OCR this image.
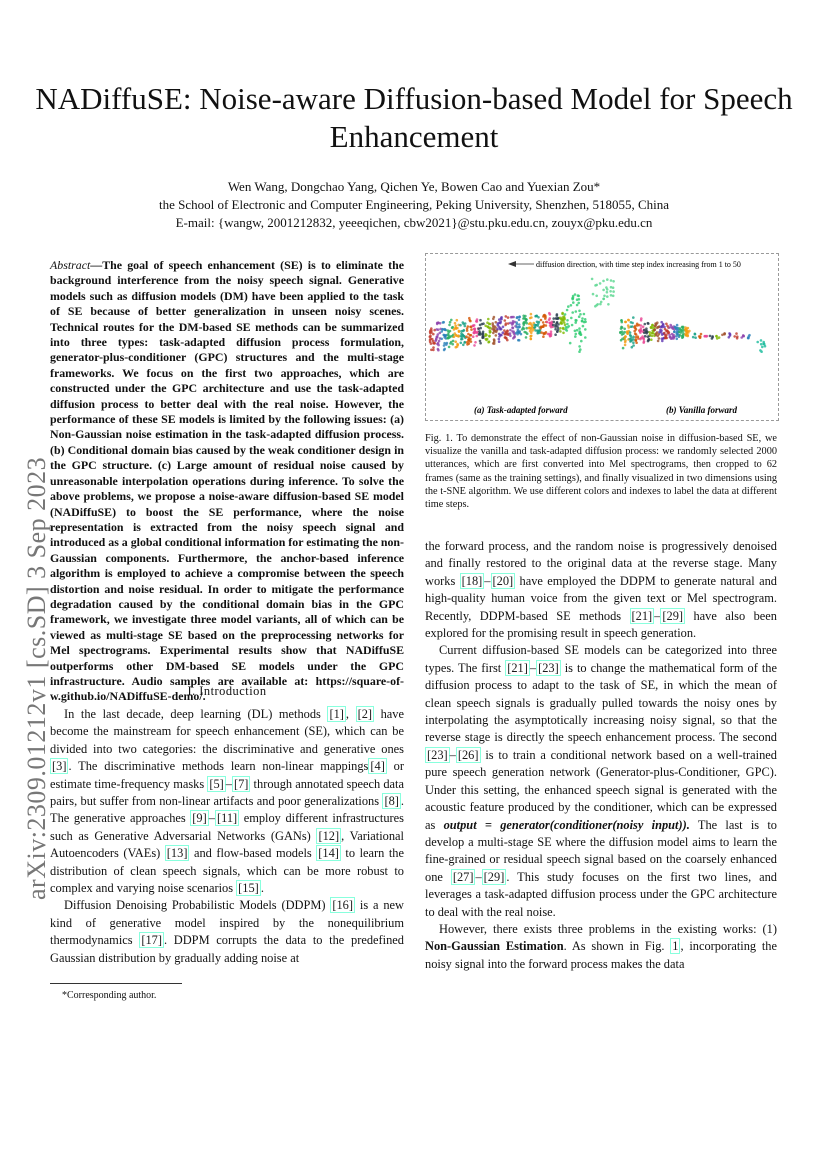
NADiffuSE: Noise-aware Diffusion-based Model for Speech Enhancement
Wen Wang, Dongchao Yang, Qichen Ye, Bowen Cao and Yuexian Zou*
the School of Electronic and Computer Engineering, Peking University, Shenzhen, 518055, China
E-mail: {wangw, 2001212832, yeeeqichen, cbw2021}@stu.pku.edu.cn, zouyx@pku.edu.cn
arXiv:2309.01212v1 [cs.SD] 3 Sep 2023
Abstract—The goal of speech enhancement (SE) is to eliminate the background interference from the noisy speech signal. Generative models such as diffusion models (DM) have been applied to the task of SE because of better generalization in unseen noisy scenes. Technical routes for the DM-based SE methods can be summarized into three types: task-adapted diffusion process formulation, generator-plus-conditioner (GPC) structures and the multi-stage frameworks. We focus on the first two approaches, which are constructed under the GPC architecture and use the task-adapted diffusion process to better deal with the real noise. However, the performance of these SE models is limited by the following issues: (a) Non-Gaussian noise estimation in the task-adapted diffusion process. (b) Conditional domain bias caused by the weak conditioner design in the GPC structure. (c) Large amount of residual noise caused by unreasonable interpolation operations during inference. To solve the above problems, we propose a noise-aware diffusion-based SE model (NADiffuSE) to boost the SE performance, where the noise representation is extracted from the noisy speech signal and introduced as a global conditional information for estimating the non-Gaussian components. Furthermore, the anchor-based inference algorithm is employed to achieve a compromise between the speech distortion and noise residual. In order to mitigate the performance degradation caused by the conditional domain bias in the GPC framework, we investigate three model variants, all of which can be viewed as multi-stage SE based on the preprocessing networks for Mel spectrograms. Experimental results show that NADiffuSE outperforms other DM-based SE models under the GPC infrastructure. Audio samples are available at: https://square-of-w.github.io/NADiffuSE-demo/.
I. Introduction

In the last decade, deep learning (DL) methods [1] , [2] have become the mainstream for speech enhancement (SE), which can be divided into two categories: the discriminative and generative ones [3] . The discriminative methods learn non-linear mappings [4] or estimate time-frequency masks [5] – [7] through annotated speech data pairs, but suffer from non-linear artifacts and poor generalizations [8] . The generative approaches [9] – [11] employ different infrastructures such as Generative Adversarial Networks (GANs) [12] , Variational Autoencoders (VAEs) [13] and flow-based models [14] to learn the distribution of clean speech signals, which can be more robust to complex and varying noise scenarios [15] .

Diffusion Denoising Probabilistic Models (DDPM) [16] is a new kind of generative model inspired by the nonequilibrium thermodynamics [17] . DDPM corrupts the data to the predefined Gaussian distribution by gradually adding noise at

*Corresponding author.
diffusion direction, with time step index increasing from 1 to 50
(a) Task-adapted forward	(b) Vanilla forward
Fig. 1. To demonstrate the effect of non-Gaussian noise in diffusion-based SE, we visualize the vanilla and task-adapted diffusion process: we randomly selected 2000 utterances, which are first converted into Mel spectrograms, then cropped to 62 frames (same as the training settings), and finally visualized in two dimensions using the t-SNE algorithm. We use different colors and indexes to label the data at different time steps.

the forward process, and the random noise is progressively denoised and finally restored to the original data at the reverse stage. Many works [18] – [20] have employed the DDPM to generate natural and high-quality human voice from the given text or Mel spectrogram. Recently, DDPM-based SE methods [21] – [29] have also been explored for the promising result in speech generation.

Current diffusion-based SE models can be categorized into three types. The first [21] – [23] is to change the mathematical form of the diffusion process to adapt to the task of SE, in which the mean of clean speech signals is gradually pulled towards the noisy ones by interpolating the asymptotically increasing noisy signal, so that the reverse stage is directly the speech enhancement process. The second [23] – [26] is to train a conditional network based on a well-trained pure speech generation network (Generator-plus-Conditioner, GPC). Under this setting, the enhanced speech signal is generated with the acoustic feature produced by the conditioner, which can be expressed as output = generator(conditioner(noisy input)). The last is to develop a multi-stage SE where the diffusion model aims to learn the fine-grained or residual speech signal based on the coarsely enhanced one [27] – [29] . This study focuses on the first two lines, and leverages a task-adapted diffusion process under the GPC architecture to deal with the real noise.

However, there exists three problems in the existing works: (1) Non-Gaussian Estimation. As shown in Fig. 1 , incorporating the noisy signal into the forward process makes the data
